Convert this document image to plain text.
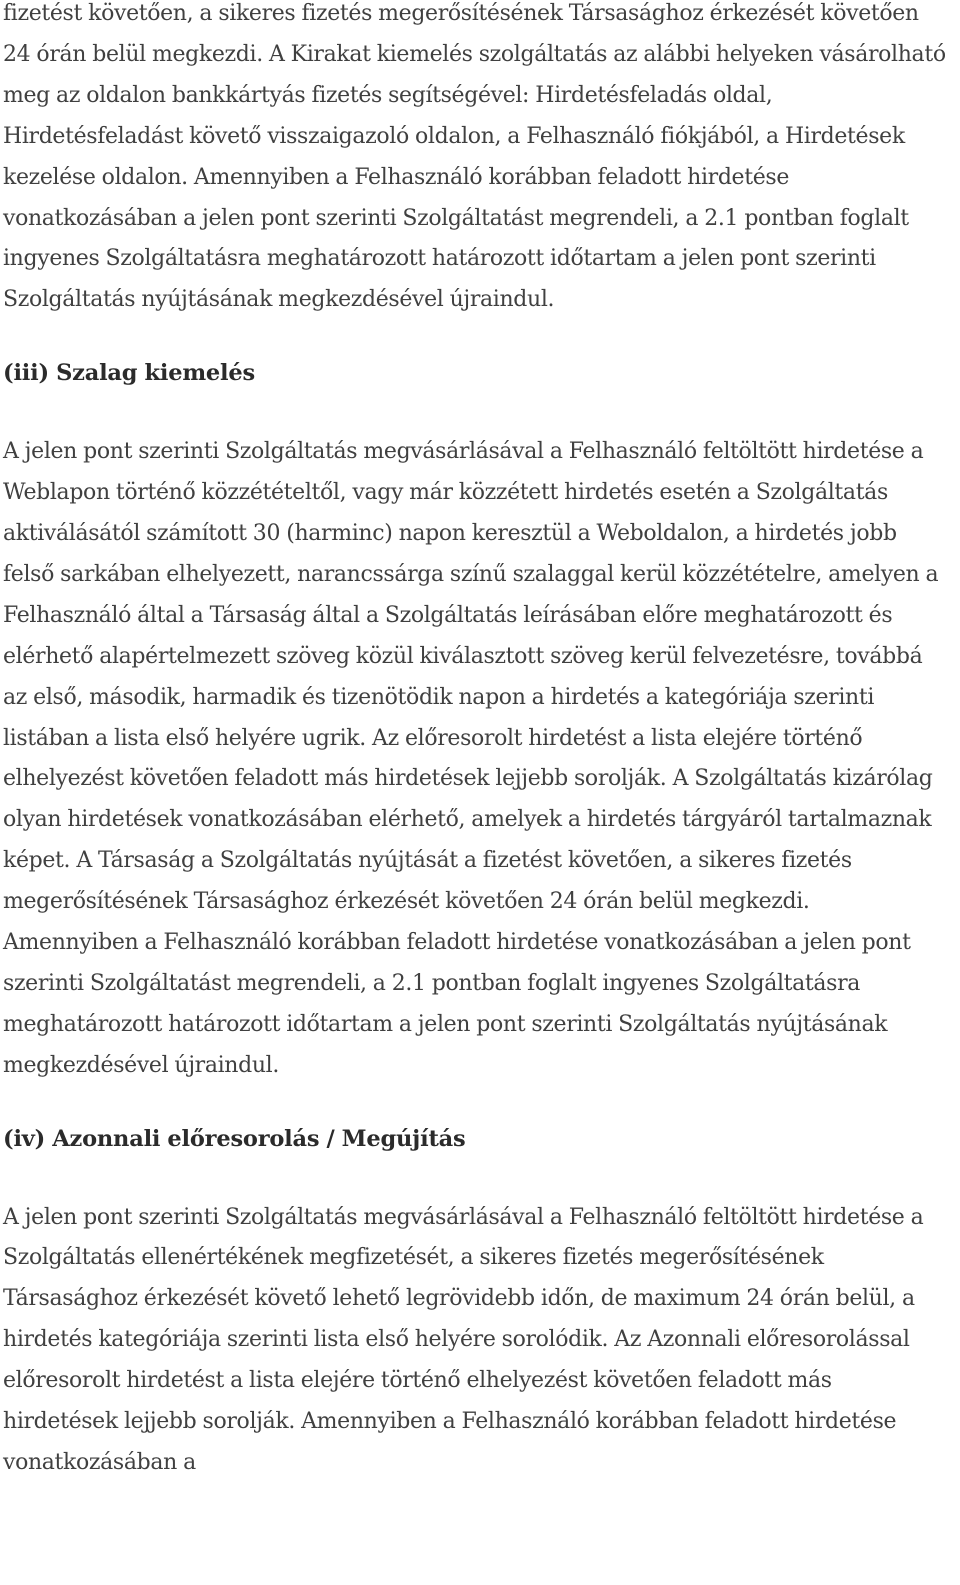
fizetést követően, a sikeres fizetés megerősítésének Társasághoz érkezését követően 24 órán belül megkezdi. A Kirakat kiemelés szolgáltatás az alábbi helyeken vásárolható meg az oldalon bankkártyás fizetés segítségével: Hirdetésfeladás oldal, Hirdetésfeladást követő visszaigazoló oldalon, a Felhasználó fiókjából, a Hirdetések kezelése oldalon. Amennyiben a Felhasználó korábban feladott hirdetése vonatkozásában a jelen pont szerinti Szolgáltatást megrendeli, a 2.1 pontban foglalt ingyenes Szolgáltatásra meghatározott határozott időtartam a jelen pont szerinti Szolgáltatás nyújtásának megkezdésével újraindul.

(iii) Szalag kiemelés

A jelen pont szerinti Szolgáltatás megvásárlásával a Felhasználó feltöltött hirdetése a Weblapon történő közzétételtől, vagy már közzétett hirdetés esetén a Szolgáltatás aktiválásától számított 30 (harminc) napon keresztül a Weboldalon, a hirdetés jobb felső sarkában elhelyezett, narancssárga színű szalaggal kerül közzétételre, amelyen a Felhasználó által a Társaság által a Szolgáltatás leírásában előre meghatározott és elérhető alapértelmezett szöveg közül kiválasztott szöveg kerül felvezetésre, továbbá az első, második, harmadik és tizenötödik napon a hirdetés a kategóriája szerinti listában a lista első helyére ugrik. Az előresorolt hirdetést a lista elejére történő elhelyezést követően feladott más hirdetések lejjebb sorolják. A Szolgáltatás kizárólag olyan hirdetések vonatkozásában elérhető, amelyek a hirdetés tárgyáról tartalmaznak képet. A Társaság a Szolgáltatás nyújtását a fizetést követően, a sikeres fizetés megerősítésének Társasághoz érkezését követően 24 órán belül megkezdi. Amennyiben a Felhasználó korábban feladott hirdetése vonatkozásában a jelen pont szerinti Szolgáltatást megrendeli, a 2.1 pontban foglalt ingyenes Szolgáltatásra meghatározott határozott időtartam a jelen pont szerinti Szolgáltatás nyújtásának megkezdésével újraindul.

(iv) Azonnali előresorolás / Megújítás

A jelen pont szerinti Szolgáltatás megvásárlásával a Felhasználó feltöltött hirdetése a Szolgáltatás ellenértékének megfizetését, a sikeres fizetés megerősítésének Társasághoz érkezését követő lehető legrövidebb időn, de maximum 24 órán belül, a hirdetés kategóriája szerinti lista első helyére sorolódik. Az Azonnali előresorolással előresorolt hirdetést a lista elejére történő elhelyezést követően feladott más hirdetések lejjebb sorolják. Amennyiben a Felhasználó korábban feladott hirdetése vonatkozásában a
